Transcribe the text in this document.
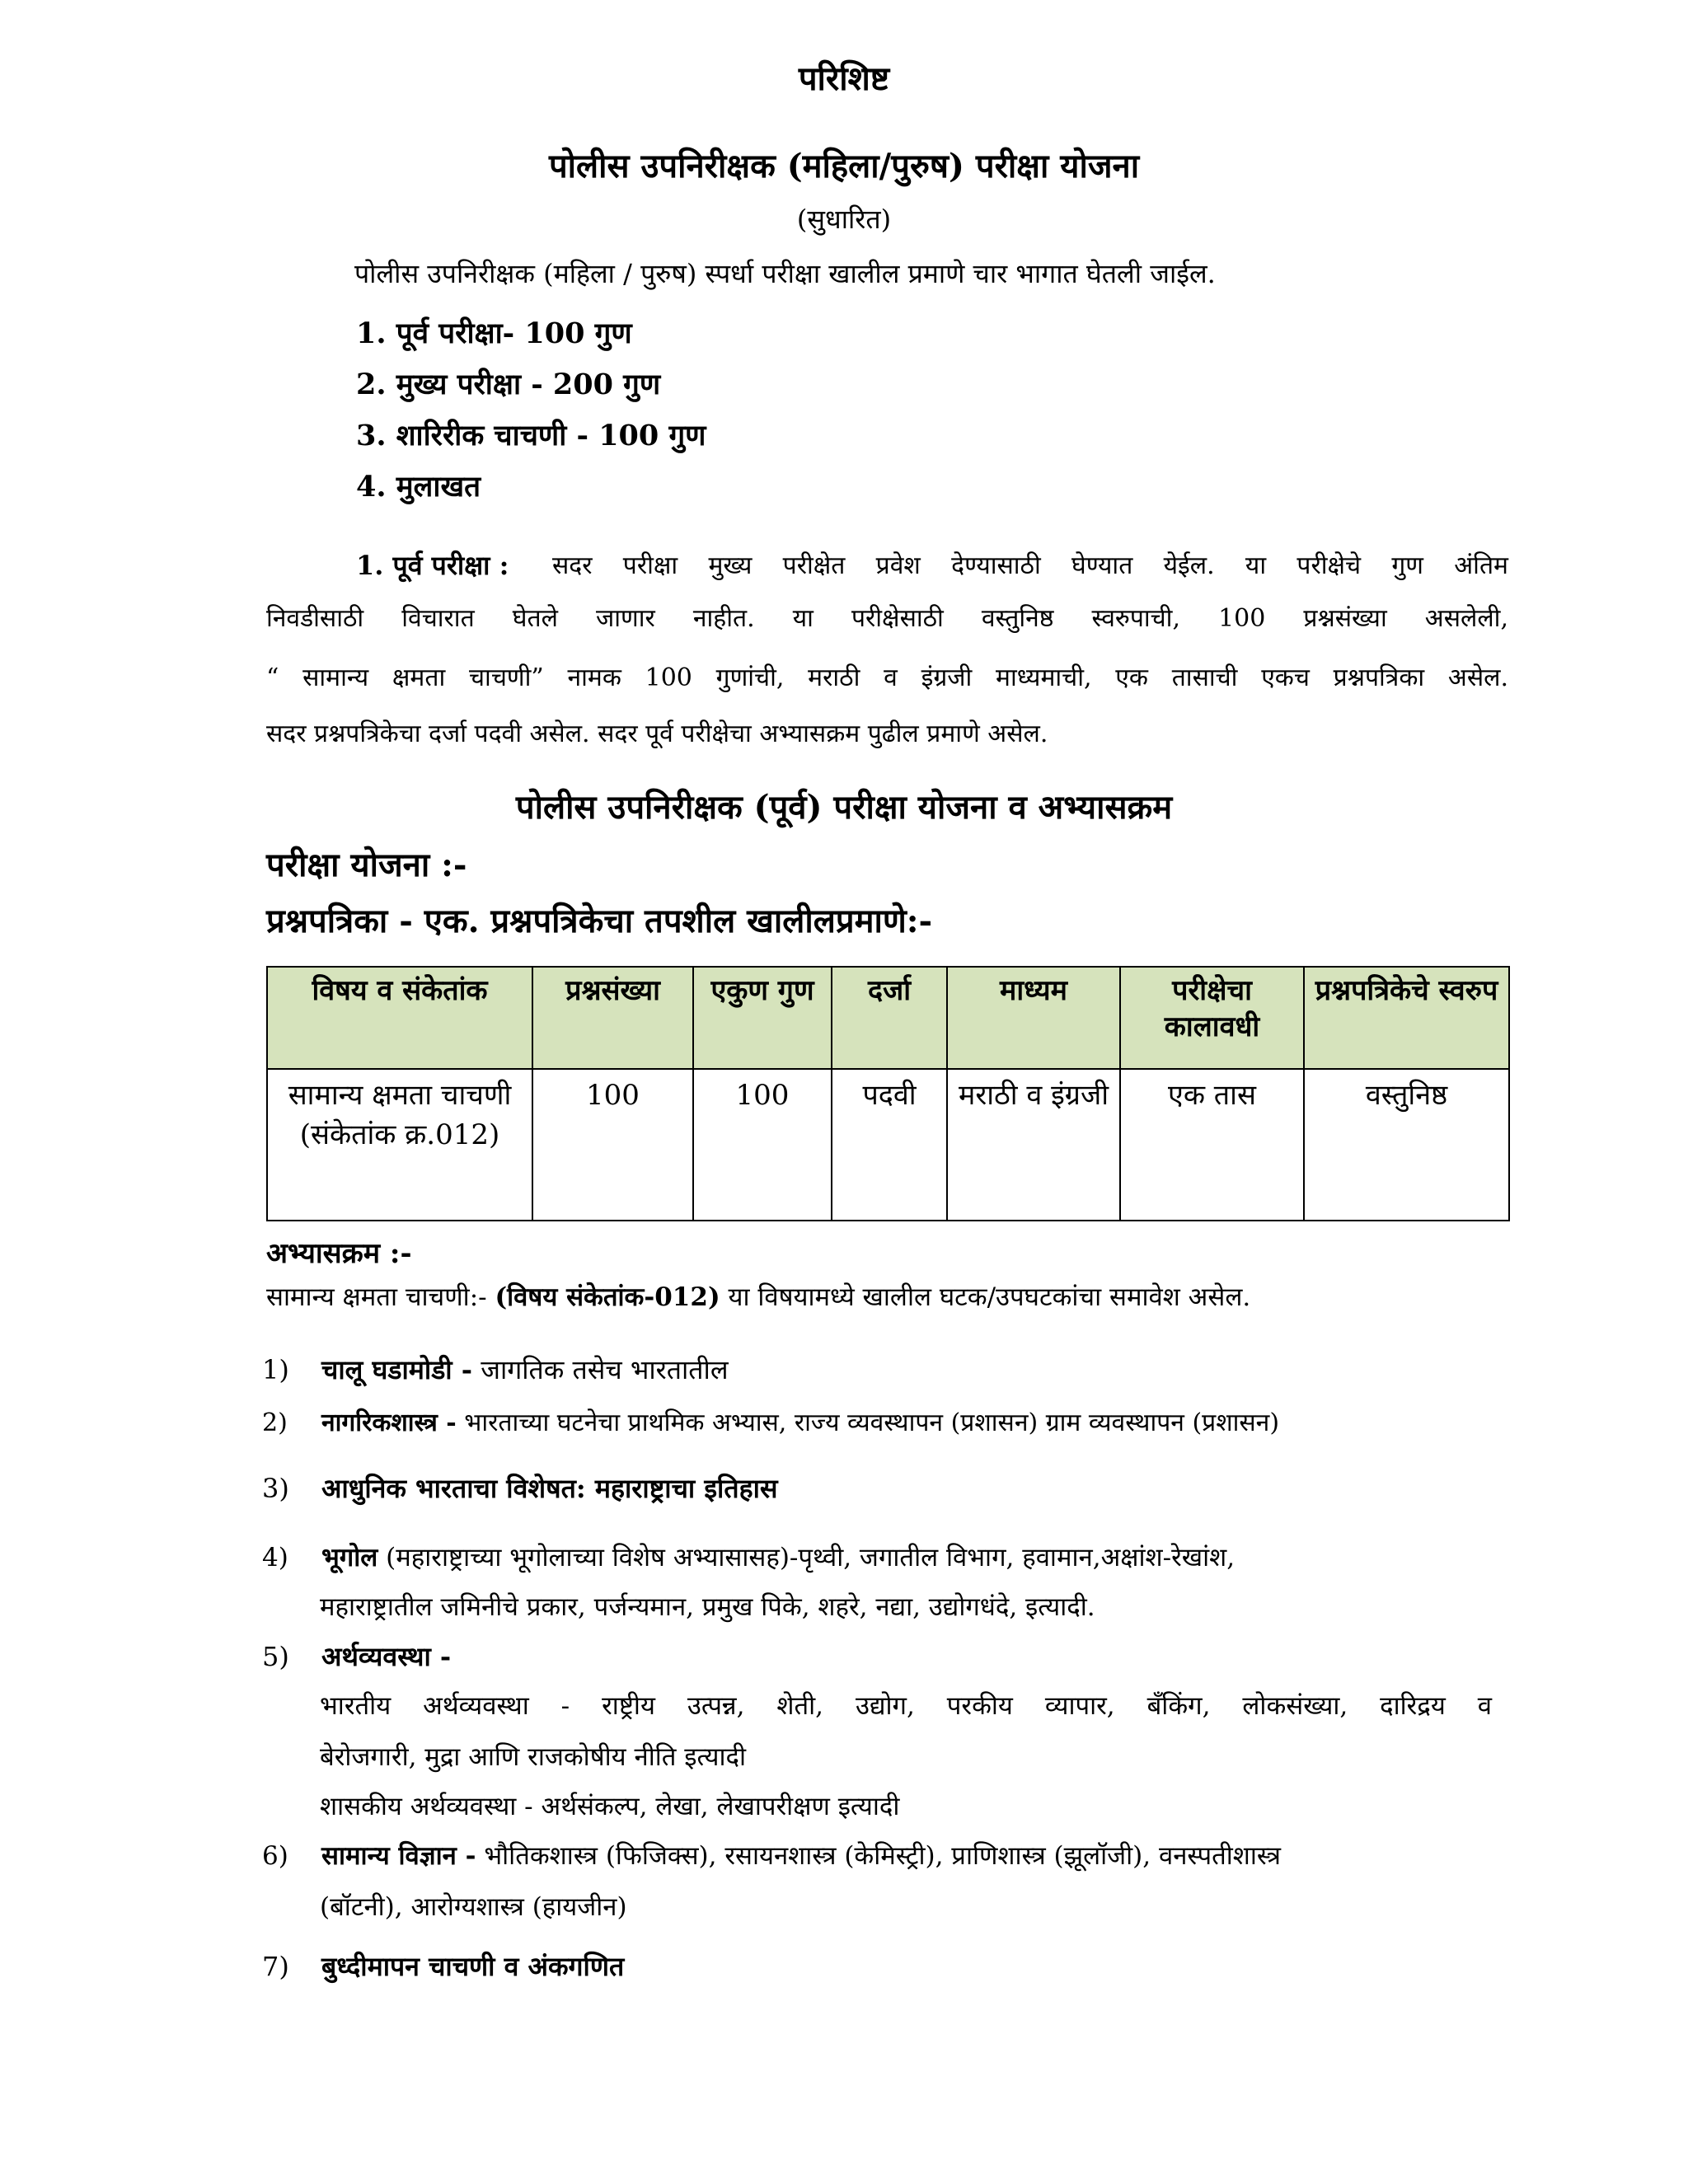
परिशिष्ट
पोलीस उपनिरीक्षक (महिला/पुरुष) परीक्षा योजना
(सुधारित)
पोलीस उपनिरीक्षक (महिला / पुरुष) स्पर्धा परीक्षा खालील प्रमाणे चार भागात घेतली जाईल.
1. पूर्व परीक्षा- 100 गुण
2. मुख्य परीक्षा - 200 गुण
3. शारिरीक चाचणी - 100 गुण
4. मुलाखत
1. पूर्व परीक्षा : सदर परीक्षा मुख्य परीक्षेत प्रवेश देण्यासाठी घेण्यात येईल. या परीक्षेचे गुण अंतिम
निवडीसाठी विचारात घेतले जाणार नाहीत. या परीक्षेसाठी वस्तुनिष्ठ स्वरुपाची, 100 प्रश्नसंख्या असलेली,
“ सामान्य क्षमता चाचणी” नामक 100 गुणांची, मराठी व इंग्रजी माध्यमाची, एक तासाची एकच प्रश्नपत्रिका असेल.
सदर प्रश्नपत्रिकेचा दर्जा पदवी असेल. सदर पूर्व परीक्षेचा अभ्यासक्रम पुढील प्रमाणे असेल.
पोलीस उपनिरीक्षक (पूर्व) परीक्षा योजना व अभ्यासक्रम
परीक्षा योजना :-
प्रश्नपत्रिका - एक. प्रश्नपत्रिकेचा तपशील खालीलप्रमाणे:-
विषय व संकेतांक	प्रश्नसंख्या	एकुण गुण	दर्जा	माध्यम	परीक्षेचा कालावधी	प्रश्नपत्रिकेचे स्वरुप
सामान्य क्षमता चाचणी (संकेतांक क्र.012)	100	100	पदवी	मराठी व इंग्रजी	एक तास	वस्तुनिष्ठ
अभ्यासक्रम :-
सामान्य क्षमता चाचणी:- (विषय संकेतांक-012) या विषयामध्ये खालील घटक/उपघटकांचा समावेश असेल.
1) चालू घडामोडी - जागतिक तसेच भारतातील
2) नागरिकशास्त्र - भारताच्या घटनेचा प्राथमिक अभ्यास, राज्य व्यवस्थापन (प्रशासन) ग्राम व्यवस्थापन (प्रशासन)
3) आधुनिक भारताचा विशेषत: महाराष्ट्राचा इतिहास
4) भूगोल (महाराष्ट्राच्या भूगोलाच्या विशेष अभ्यासासह)-पृथ्वी, जगातील विभाग, हवामान,अक्षांश-रेखांश,
महाराष्ट्रातील जमिनीचे प्रकार, पर्जन्यमान, प्रमुख पिके, शहरे, नद्या, उद्योगधंदे, इत्यादी.
5) अर्थव्यवस्था -
भारतीय अर्थव्यवस्था - राष्ट्रीय उत्पन्न, शेती, उद्योग, परकीय व्यापार, बँकिंग, लोकसंख्या, दारिद्रय व
बेरोजगारी, मुद्रा आणि राजकोषीय नीति इत्यादी
शासकीय अर्थव्यवस्था - अर्थसंकल्प, लेखा, लेखापरीक्षण इत्यादी
6) सामान्य विज्ञान - भौतिकशास्त्र (फिजिक्स), रसायनशास्त्र (केमिस्ट्री), प्राणिशास्त्र (झूलॉजी), वनस्पतीशास्त्र
(बॉटनी), आरोग्यशास्त्र (हायजीन)
7) बुध्दीमापन चाचणी व अंकगणित
